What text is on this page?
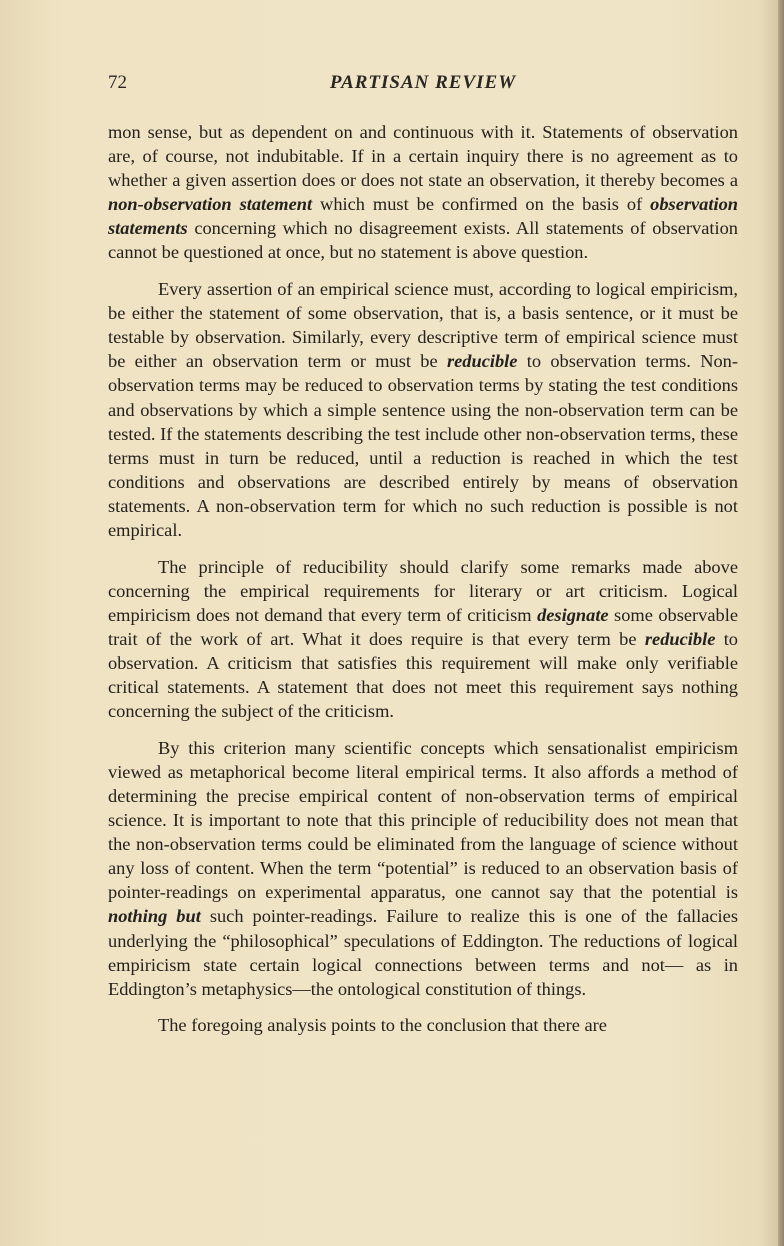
72	PARTISAN REVIEW

mon sense, but as dependent on and continuous with it. Statements of observation are, of course, not indubitable. If in a certain inquiry there is no agreement as to whether a given assertion does or does not state an observation, it thereby becomes a non-observation statement which must be confirmed on the basis of observation statements concerning which no disagreement exists. All statements of observation cannot be questioned at once, but no statement is above question.

Every assertion of an empirical science must, according to logical empiricism, be either the statement of some observation, that is, a basis sentence, or it must be testable by observation. Similarly, every descriptive term of empirical science must be either an observation term or must be reducible to observation terms. Non-observation terms may be reduced to observation terms by stating the test conditions and observations by which a simple sentence using the non-observation term can be tested. If the statements describing the test include other non-observation terms, these terms must in turn be reduced, until a reduction is reached in which the test conditions and observations are described entirely by means of observation statements. A non-observation term for which no such reduction is possible is not empirical.

The principle of reducibility should clarify some remarks made above concerning the empirical requirements for literary or art criticism. Logical empiricism does not demand that every term of criticism designate some observable trait of the work of art. What it does require is that every term be reducible to observation. A criticism that satisfies this requirement will make only verifiable critical statements. A statement that does not meet this requirement says nothing concerning the subject of the criticism.

By this criterion many scientific concepts which sensationalist empiricism viewed as metaphorical become literal empirical terms. It also affords a method of determining the precise empirical content of non-observation terms of empirical science. It is important to note that this principle of reducibility does not mean that the non-observation terms could be eliminated from the language of science without any loss of content. When the term “potential” is reduced to an observation basis of pointer-readings on experimental apparatus, one cannot say that the potential is nothing but such pointer-readings. Failure to realize this is one of the fallacies underlying the “philosophical” speculations of Eddington. The reductions of logical empiricism state certain logical connections between terms and not— as in Eddington’s metaphysics—the ontological constitution of things.

The foregoing analysis points to the conclusion that there are
